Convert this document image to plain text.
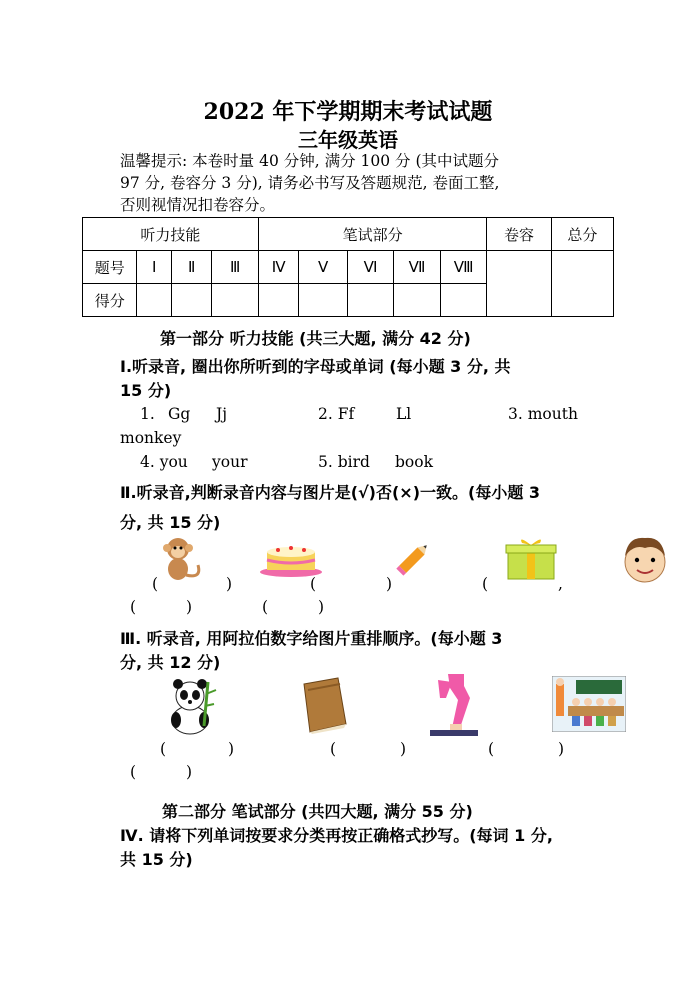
2022 年下学期期末考试试题
三年级英语
温馨提示: 本卷时量 40 分钟, 满分 100 分 (其中试题分
97 分, 卷容分 3 分), 请务必书写及答题规范, 卷面工整,
否则视情况扣卷容分。
听力技能				笔试部分					卷容	总分
题号	Ⅰ	Ⅱ	Ⅲ	Ⅳ	Ⅴ	Ⅵ	Ⅶ	Ⅷ		
得分										
第一部分 听力技能 (共三大题, 满分 42 分)
Ⅰ.听录音, 圈出你所听到的字母或单词 (每小题 3 分, 共
15 分)
1. Gg Jj	2. Ff	Ll	3. mouth
monkey
4. you your	5. bird book
Ⅱ.听录音,判断录音内容与图片是(√)否(×)一致。(每小题 3
分, 共 15 分)
(	)	(	)	(	,
(	)	(	)
Ⅲ. 听录音, 用阿拉伯数字给图片重排顺序。(每小题 3
分, 共 12 分)
(	)	(	)	(	)
(	)
第二部分 笔试部分 (共四大题, 满分 55 分)
Ⅳ. 请将下列单词按要求分类再按正确格式抄写。(每词 1 分,
共 15 分)
